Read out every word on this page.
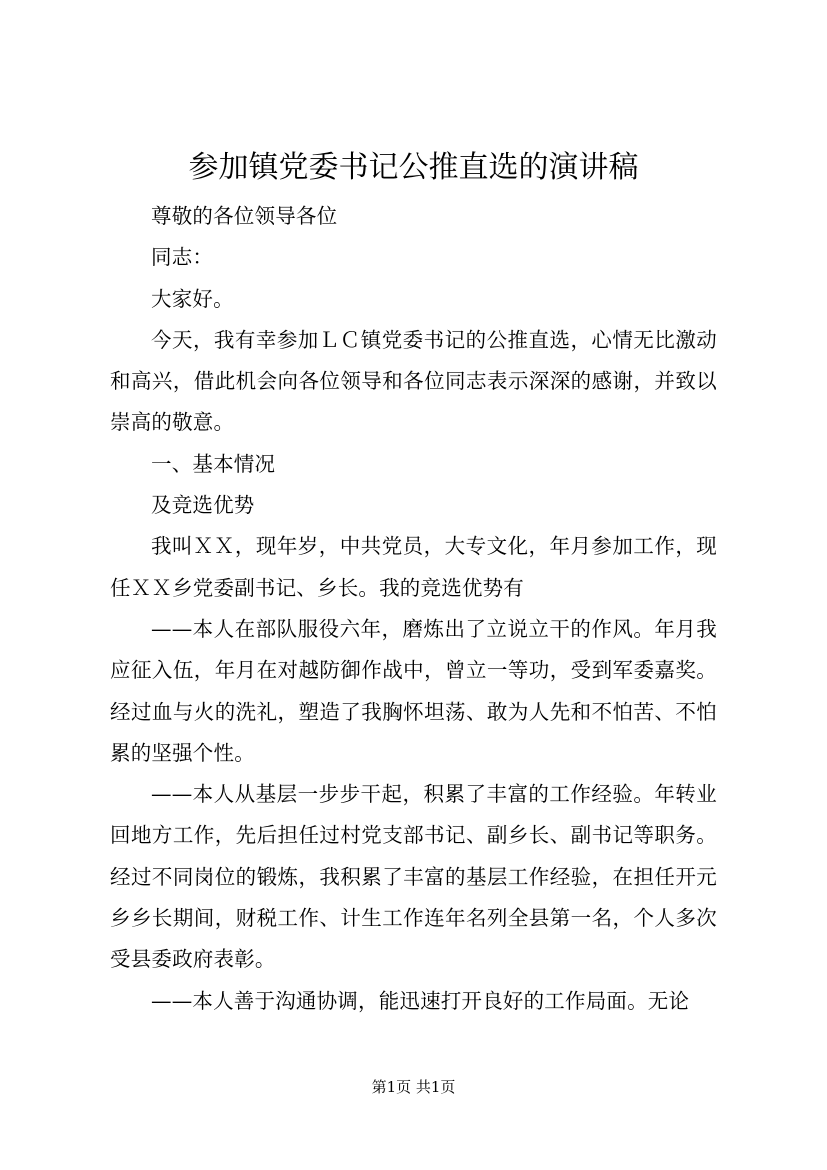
参加镇党委书记公推直选的演讲稿

尊敬的各位领导各位

同志：

大家好。

今天，我有幸参加ＬＣ镇党委书记的公推直选，心情无比激动和高兴，借此机会向各位领导和各位同志表示深深的感谢，并致以崇高的敬意。

一、基本情况

及竞选优势

我叫ＸＸ，现年岁，中共党员，大专文化，年月参加工作，现任ＸＸ乡党委副书记、乡长。我的竞选优势有

——本人在部队服役六年，磨炼出了立说立干的作风。年月我应征入伍，年月在对越防御作战中，曾立一等功，受到军委嘉奖。经过血与火的洗礼，塑造了我胸怀坦荡、敢为人先和不怕苦、不怕累的坚强个性。

——本人从基层一步步干起，积累了丰富的工作经验。年转业回地方工作，先后担任过村党支部书记、副乡长、副书记等职务。经过不同岗位的锻炼，我积累了丰富的基层工作经验，在担任开元乡乡长期间，财税工作、计生工作连年名列全县第一名，个人多次受县委政府表彰。

——本人善于沟通协调，能迅速打开良好的工作局面。无论

第1页 共1页
